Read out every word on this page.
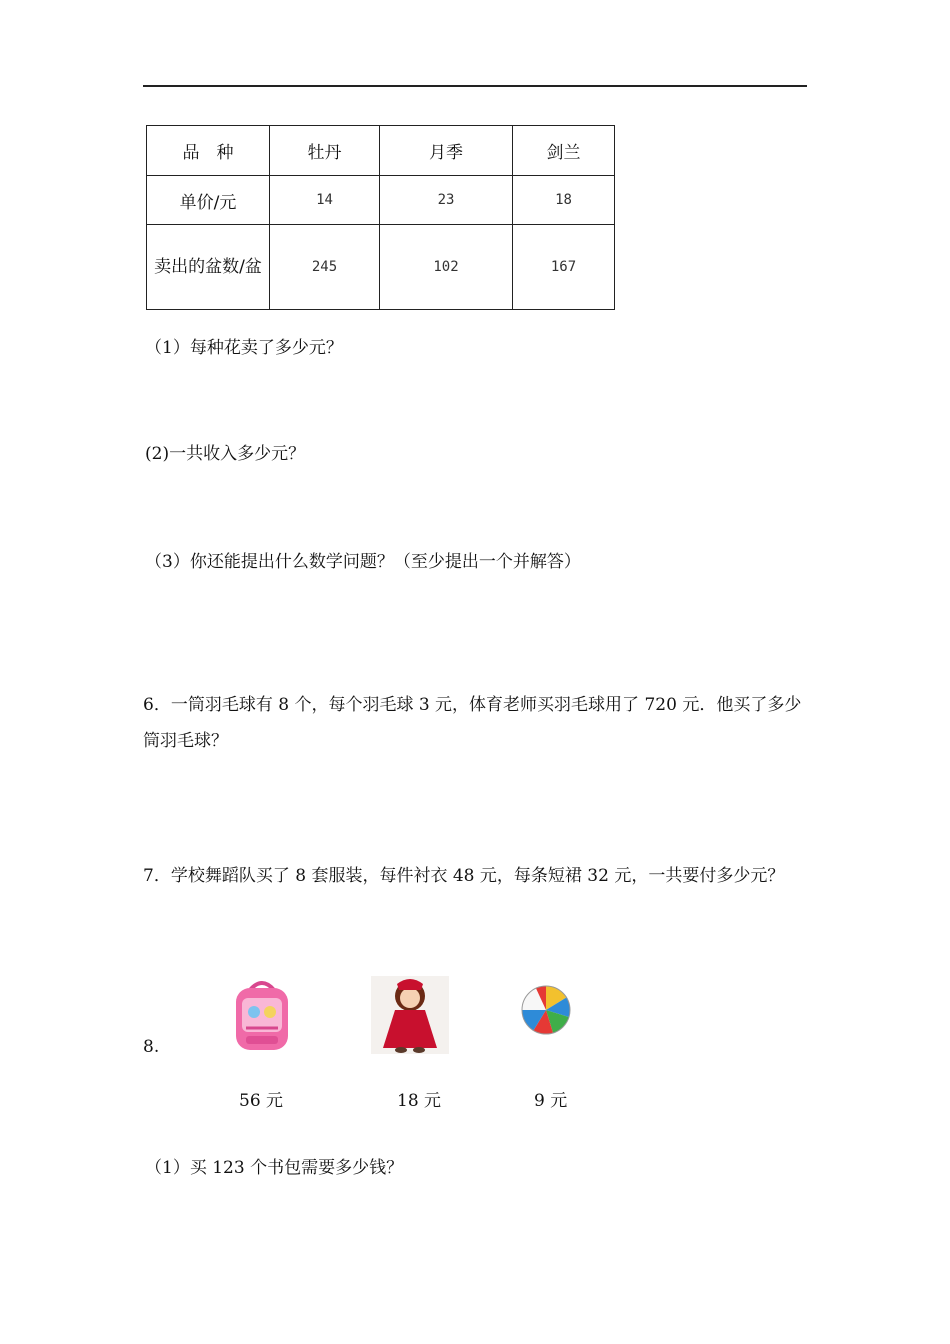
品　种	牡丹	月季	剑兰
单价/元	14	23	18
卖出的盆数/盆	245	102	167
（1）每种花卖了多少元？
(2)一共收入多少元？
（3）你还能提出什么数学问题？（至少提出一个并解答）
6．一筒羽毛球有 8 个，每个羽毛球 3 元，体育老师买羽毛球用了 720 元．他买了多少筒羽毛球？
7．学校舞蹈队买了 8 套服装，每件衬衣 48 元，每条短裙 32 元，一共要付多少元？
8.
56 元	18 元	9 元
（1）买 123 个书包需要多少钱？
